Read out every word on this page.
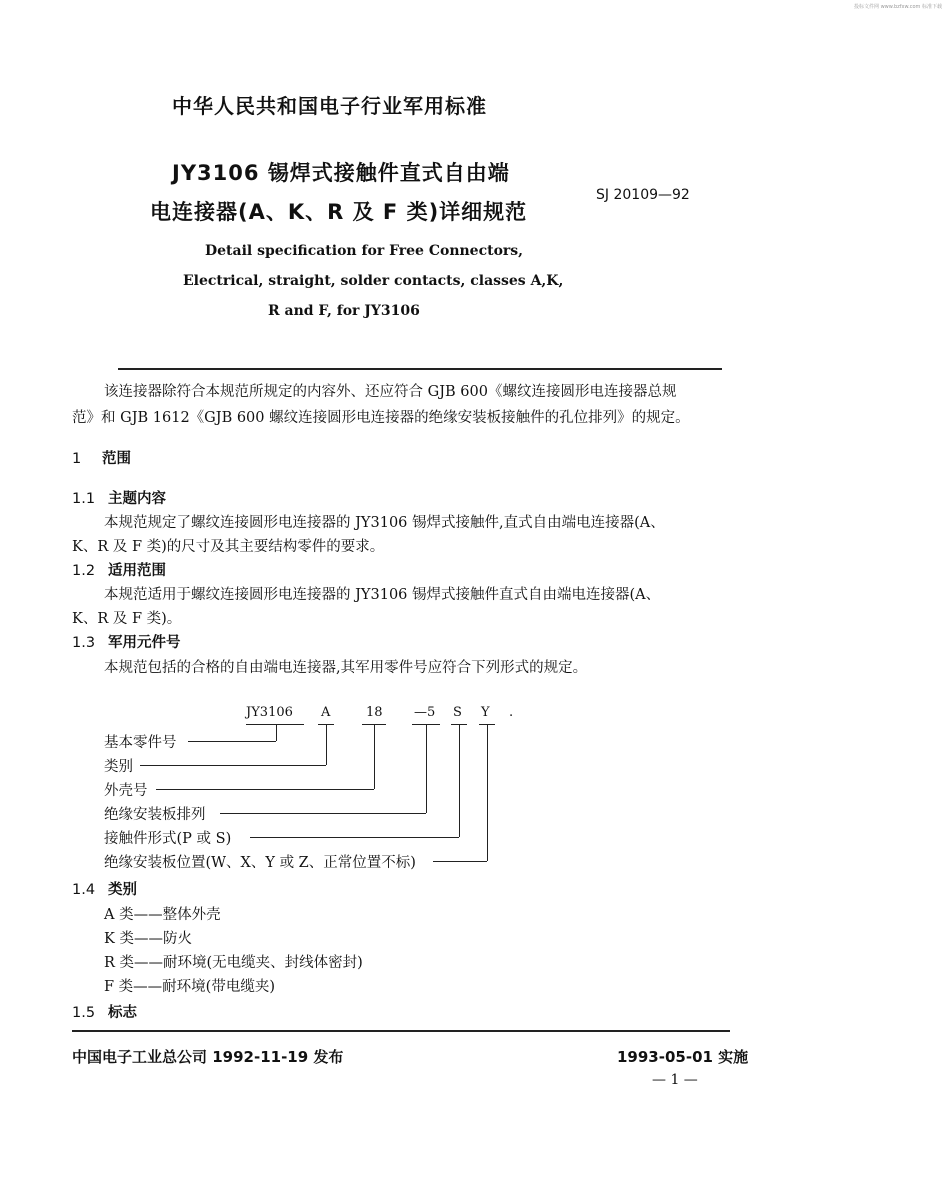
投标文件网 www.bzfxw.com 标准下载
中华人民共和国电子行业军用标准
JY3106 锡焊式接触件直式自由端
电连接器(A、K、R 及 F 类)详细规范
SJ 20109—92
Detail specification for Free Connectors,
Electrical, straight, solder contacts, classes A,K,
R and F, for JY3106
该连接器除符合本规范所规定的内容外、还应符合 GJB 600《螺纹连接圆形电连接器总规
范》和 GJB 1612《GJB 600 螺纹连接圆形电连接器的绝缘安装板接触件的孔位排列》的规定。
1 范围
1.1 主题内容
本规范规定了螺纹连接圆形电连接器的 JY3106 锡焊式接触件,直式自由端电连接器(A、
K、R 及 F 类)的尺寸及其主要结构零件的要求。
1.2 适用范围
本规范适用于螺纹连接圆形电连接器的 JY3106 锡焊式接触件直式自由端电连接器(A、
K、R 及 F 类)。
1.3 军用元件号
本规范包括的合格的自由端电连接器,其军用零件号应符合下列形式的规定。
JY3106 A	18 —5 S Y .
基本零件号
类别
外壳号
绝缘安装板排列
接触件形式(P 或 S)
绝缘安装板位置(W、X、Y 或 Z、正常位置不标)
1.4 类别
A 类——整体外壳
K 类——防火
R 类——耐环境(无电缆夹、封线体密封)
F 类——耐环境(带电缆夹)
1.5 标志
中国电子工业总公司 1992-11-19 发布	1993-05-01 实施
— 1 —
